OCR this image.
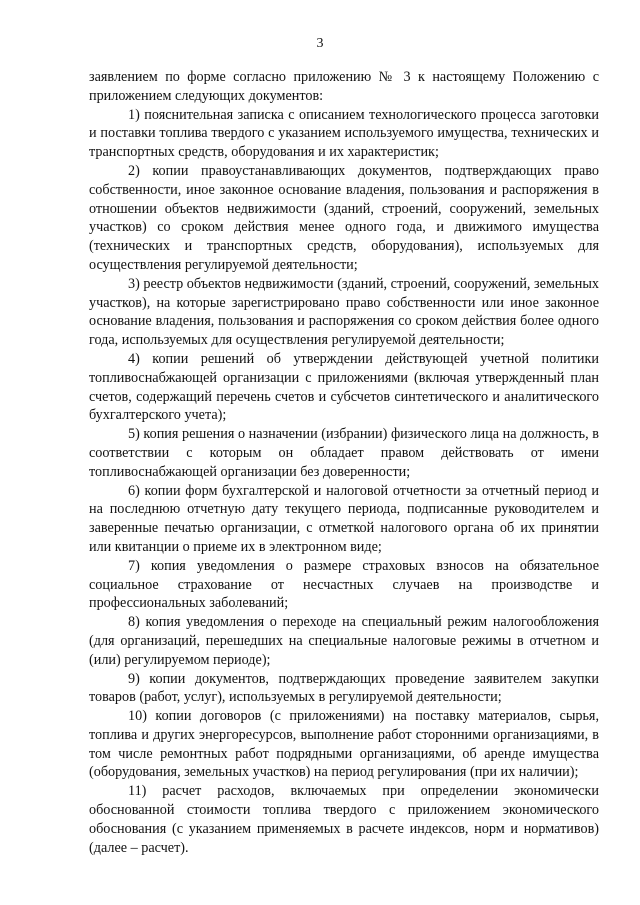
3

заявлением по форме согласно приложению № 3 к настоящему Положению с приложением следующих документов:

1) пояснительная записка с описанием технологического процесса заготовки и поставки топлива твердого с указанием используемого имущества, технических и транспортных средств, оборудования и их характеристик;

2) копии правоустанавливающих документов, подтверждающих право собственности, иное законное основание владения, пользования и распоряжения в отношении объектов недвижимости (зданий, строений, сооружений, земельных участков) со сроком действия менее одного года, и движимого имущества (технических и транспортных средств, оборудования), используемых для осуществления регулируемой деятельности;

3) реестр объектов недвижимости (зданий, строений, сооружений, земельных участков), на которые зарегистрировано право собственности или иное законное основание владения, пользования и распоряжения со сроком действия более одного года, используемых для осуществления регулируемой деятельности;

4) копии решений об утверждении действующей учетной политики топливоснабжающей организации с приложениями (включая утвержденный план счетов, содержащий перечень счетов и субсчетов синтетического и аналитического бухгалтерского учета);

5) копия решения о назначении (избрании) физического лица на должность, в соответствии с которым он обладает правом действовать от имени топливоснабжающей организации без доверенности;

6) копии форм бухгалтерской и налоговой отчетности за отчетный период и на последнюю отчетную дату текущего периода, подписанные руководителем и заверенные печатью организации, с отметкой налогового органа об их принятии или квитанции о приеме их в электронном виде;

7) копия уведомления о размере страховых взносов на обязательное социальное страхование от несчастных случаев на производстве и профессиональных заболеваний;

8) копия уведомления о переходе на специальный режим налогообложения (для организаций, перешедших на специальные налоговые режимы в отчетном и (или) регулируемом периоде);

9) копии документов, подтверждающих проведение заявителем закупки товаров (работ, услуг), используемых в регулируемой деятельности;

10) копии договоров (с приложениями) на поставку материалов, сырья, топлива и других энергоресурсов, выполнение работ сторонними организациями, в том числе ремонтных работ подрядными организациями, об аренде имущества (оборудования, земельных участков) на период регулирования (при их наличии);

11) расчет расходов, включаемых при определении экономически обоснованной стоимости топлива твердого с приложением экономического обоснования (с указанием применяемых в расчете индексов, норм и нормативов) (далее – расчет).
